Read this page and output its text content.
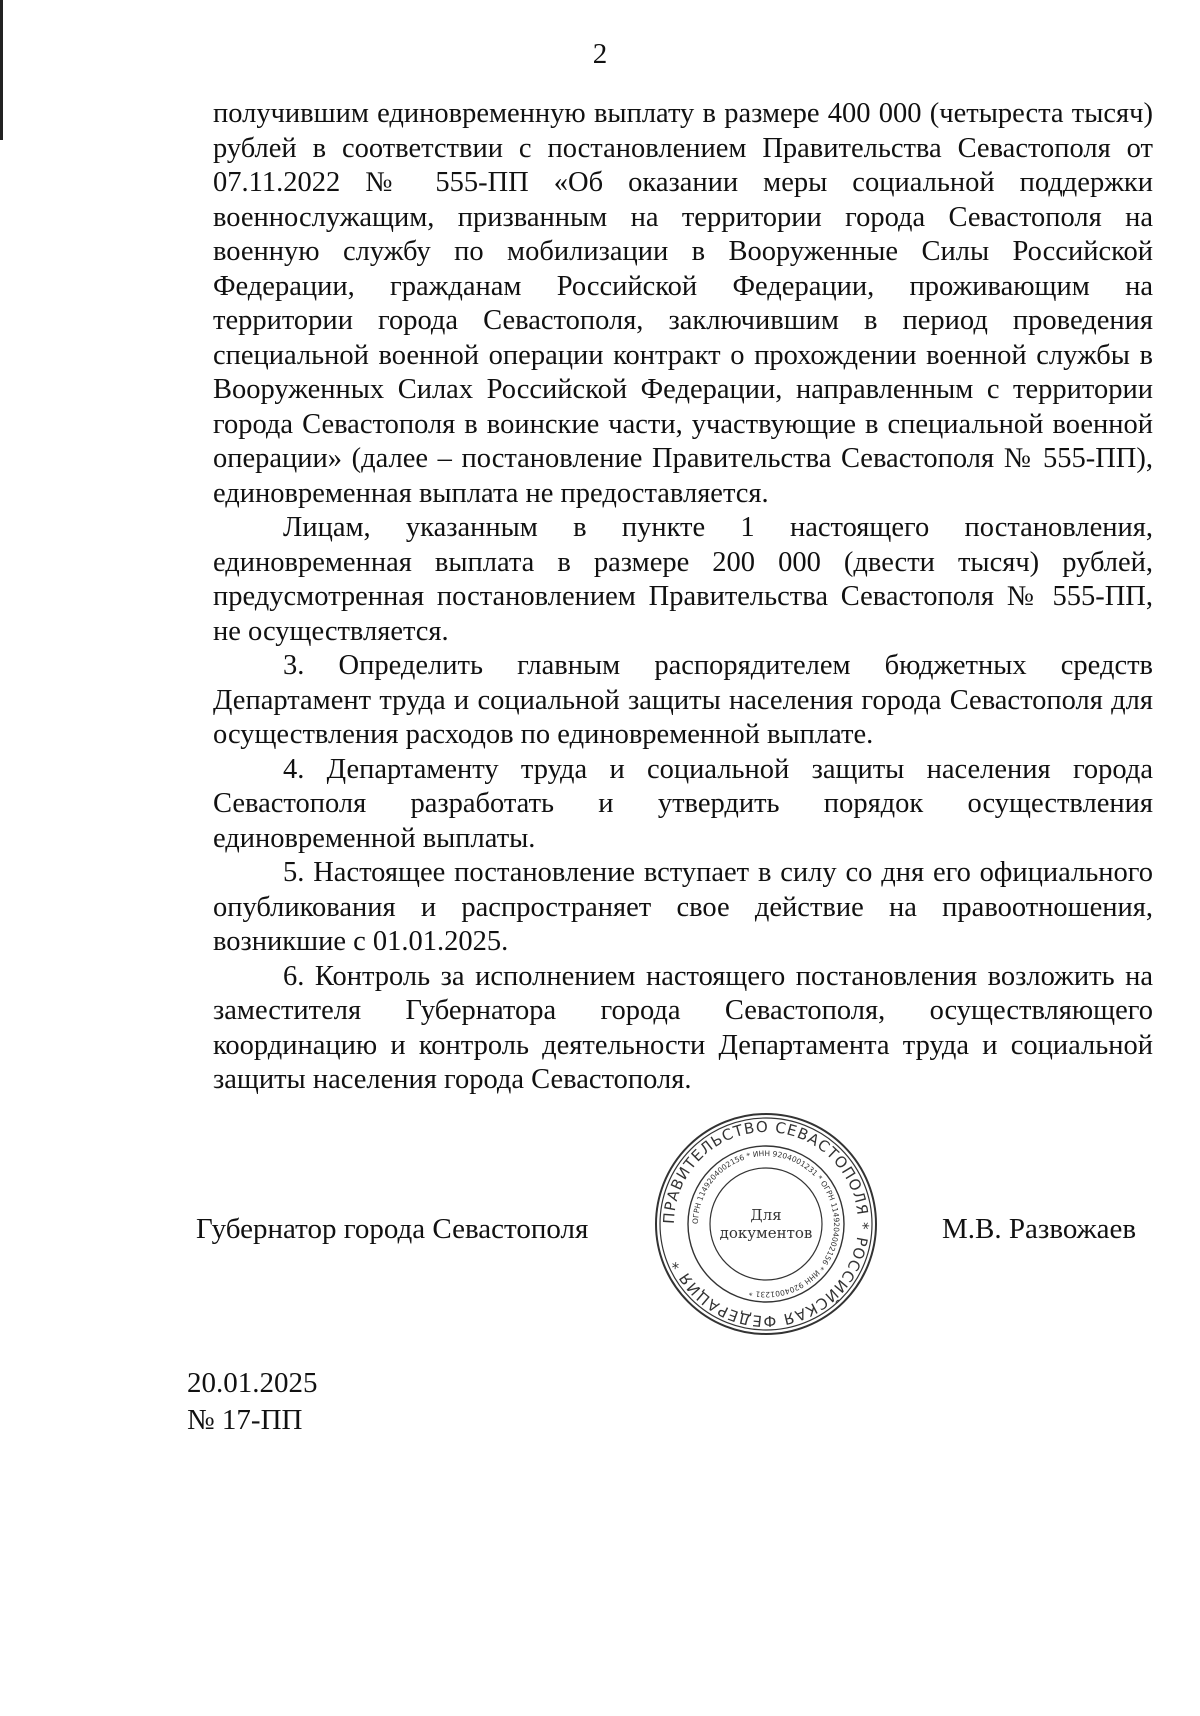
2

получившим единовременную выплату в размере 400 000 (четыреста тысяч) рублей в соответствии с постановлением Правительства Севастополя от 07.11.2022 № 555-ПП «Об оказании меры социальной поддержки военнослужащим, призванным на территории города Севастополя на военную службу по мобилизации в Вооруженные Силы Российской Федерации, гражданам Российской Федерации, проживающим на территории города Севастополя, заключившим в период проведения специальной военной операции контракт о прохождении военной службы в Вооруженных Силах Российской Федерации, направленным с территории города Севастополя в воинские части, участвующие в специальной военной операции» (далее – постановление Правительства Севастополя № 555-ПП), единовременная выплата не предоставляется.

Лицам, указанным в пункте 1 настоящего постановления, единовременная выплата в размере 200 000 (двести тысяч) рублей, предусмотренная постановлением Правительства Севастополя № 555-ПП, не осуществляется.

3. Определить главным распорядителем бюджетных средств Департамент труда и социальной защиты населения города Севастополя для осуществления расходов по единовременной выплате.

4. Департаменту труда и социальной защиты населения города Севастополя разработать и утвердить порядок осуществления единовременной выплаты.

5. Настоящее постановление вступает в силу со дня его официального опубликования и распространяет свое действие на правоотношения, возникшие с 01.01.2025.

6. Контроль за исполнением настоящего постановления возложить на заместителя Губернатора города Севастополя, осуществляющего координацию и контроль деятельности Департамента труда и социальной защиты населения города Севастополя.

Губернатор города Севастополя	М.В. Развожаев
ПРАВИТЕЛЬСТВО СЕВАСТОПОЛЯ * РОССИЙСКАЯ ФЕДЕРАЦИЯ *
ОГРН 1149204002156 * ИНН 9204001231 * ОГРН 1149204002156 * ИНН 9204001231 *
Для
документов
20.01.2025
№ 17-ПП
